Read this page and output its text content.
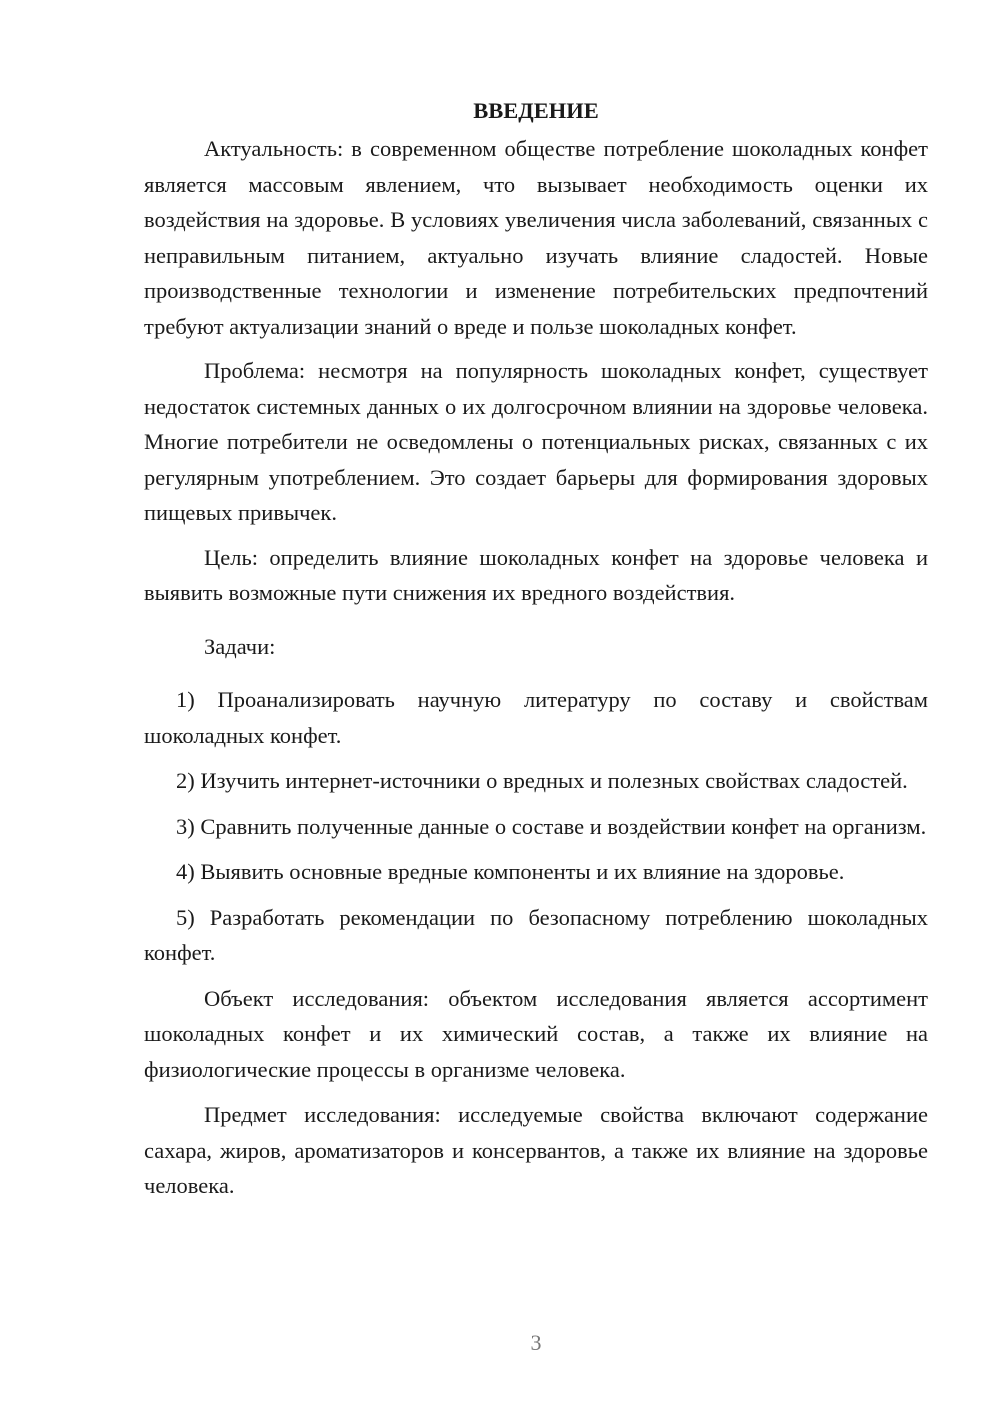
ВВЕДЕНИЕ

Актуальность: в современном обществе потребление шоколадных конфет является массовым явлением, что вызывает необходимость оценки их воздействия на здоровье. В условиях увеличения числа заболеваний, связанных с неправильным питанием, актуально изучать влияние сладостей. Новые производственные технологии и изменение потребительских предпочтений требуют актуализации знаний о вреде и пользе шоколадных конфет.

Проблема: несмотря на популярность шоколадных конфет, существует недостаток системных данных о их долгосрочном влиянии на здоровье человека. Многие потребители не осведомлены о потенциальных рисках, связанных с их регулярным употреблением. Это создает барьеры для формирования здоровых пищевых привычек.

Цель: определить влияние шоколадных конфет на здоровье человека и выявить возможные пути снижения их вредного воздействия.

Задачи:

1) Проанализировать научную литературу по составу и свойствам шоколадных конфет.

2) Изучить интернет-источники о вредных и полезных свойствах сладостей.

3) Сравнить полученные данные о составе и воздействии конфет на организм.

4) Выявить основные вредные компоненты и их влияние на здоровье.

5) Разработать рекомендации по безопасному потреблению шоколадных конфет.

Объект исследования: объектом исследования является ассортимент шоколадных конфет и их химический состав, а также их влияние на физиологические процессы в организме человека.

Предмет исследования: исследуемые свойства включают содержание сахара, жиров, ароматизаторов и консервантов, а также их влияние на здоровье человека.

3
